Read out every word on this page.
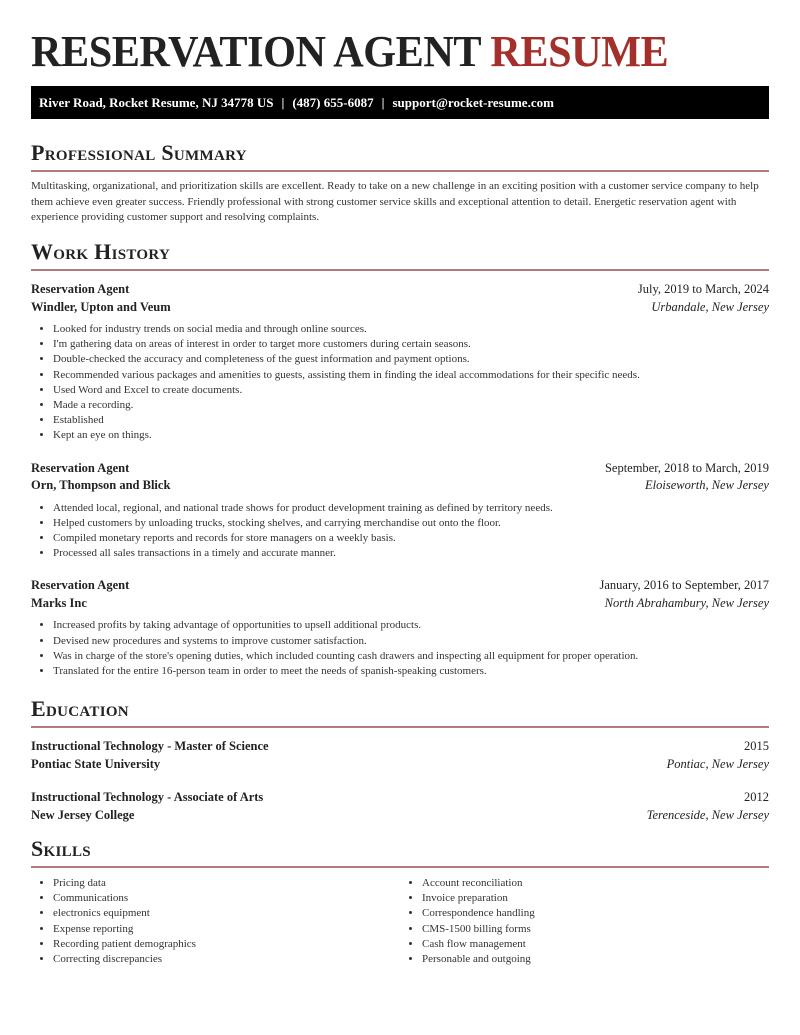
RESERVATION AGENT RESUME
River Road, Rocket Resume, NJ 34778 US | (487) 655-6087 | support@rocket-resume.com
Professional Summary
Multitasking, organizational, and prioritization skills are excellent. Ready to take on a new challenge in an exciting position with a customer service company to help them achieve even greater success. Friendly professional with strong customer service skills and exceptional attention to detail. Energetic reservation agent with experience providing customer support and resolving complaints.
Work History
Reservation Agent	July, 2019 to March, 2024
Windler, Upton and Veum	Urbandale, New Jersey
• Looked for industry trends on social media and through online sources.
• I'm gathering data on areas of interest in order to target more customers during certain seasons.
• Double-checked the accuracy and completeness of the guest information and payment options.
• Recommended various packages and amenities to guests, assisting them in finding the ideal accommodations for their specific needs.
• Used Word and Excel to create documents.
• Made a recording.
• Established
• Kept an eye on things.
Reservation Agent	September, 2018 to March, 2019
Orn, Thompson and Blick	Eloiseworth, New Jersey
• Attended local, regional, and national trade shows for product development training as defined by territory needs.
• Helped customers by unloading trucks, stocking shelves, and carrying merchandise out onto the floor.
• Compiled monetary reports and records for store managers on a weekly basis.
• Processed all sales transactions in a timely and accurate manner.
Reservation Agent	January, 2016 to September, 2017
Marks Inc	North Abrahambury, New Jersey
• Increased profits by taking advantage of opportunities to upsell additional products.
• Devised new procedures and systems to improve customer satisfaction.
• Was in charge of the store's opening duties, which included counting cash drawers and inspecting all equipment for proper operation.
• Translated for the entire 16-person team in order to meet the needs of spanish-speaking customers.
Education
Instructional Technology - Master of Science	2015
Pontiac State University	Pontiac, New Jersey
Instructional Technology - Associate of Arts	2012
New Jersey College	Terenceside, New Jersey
Skills
• Pricing data
• Communications
• electronics equipment
• Expense reporting
• Recording patient demographics
• Correcting discrepancies
• Account reconciliation
• Invoice preparation
• Correspondence handling
• CMS-1500 billing forms
• Cash flow management
• Personable and outgoing
